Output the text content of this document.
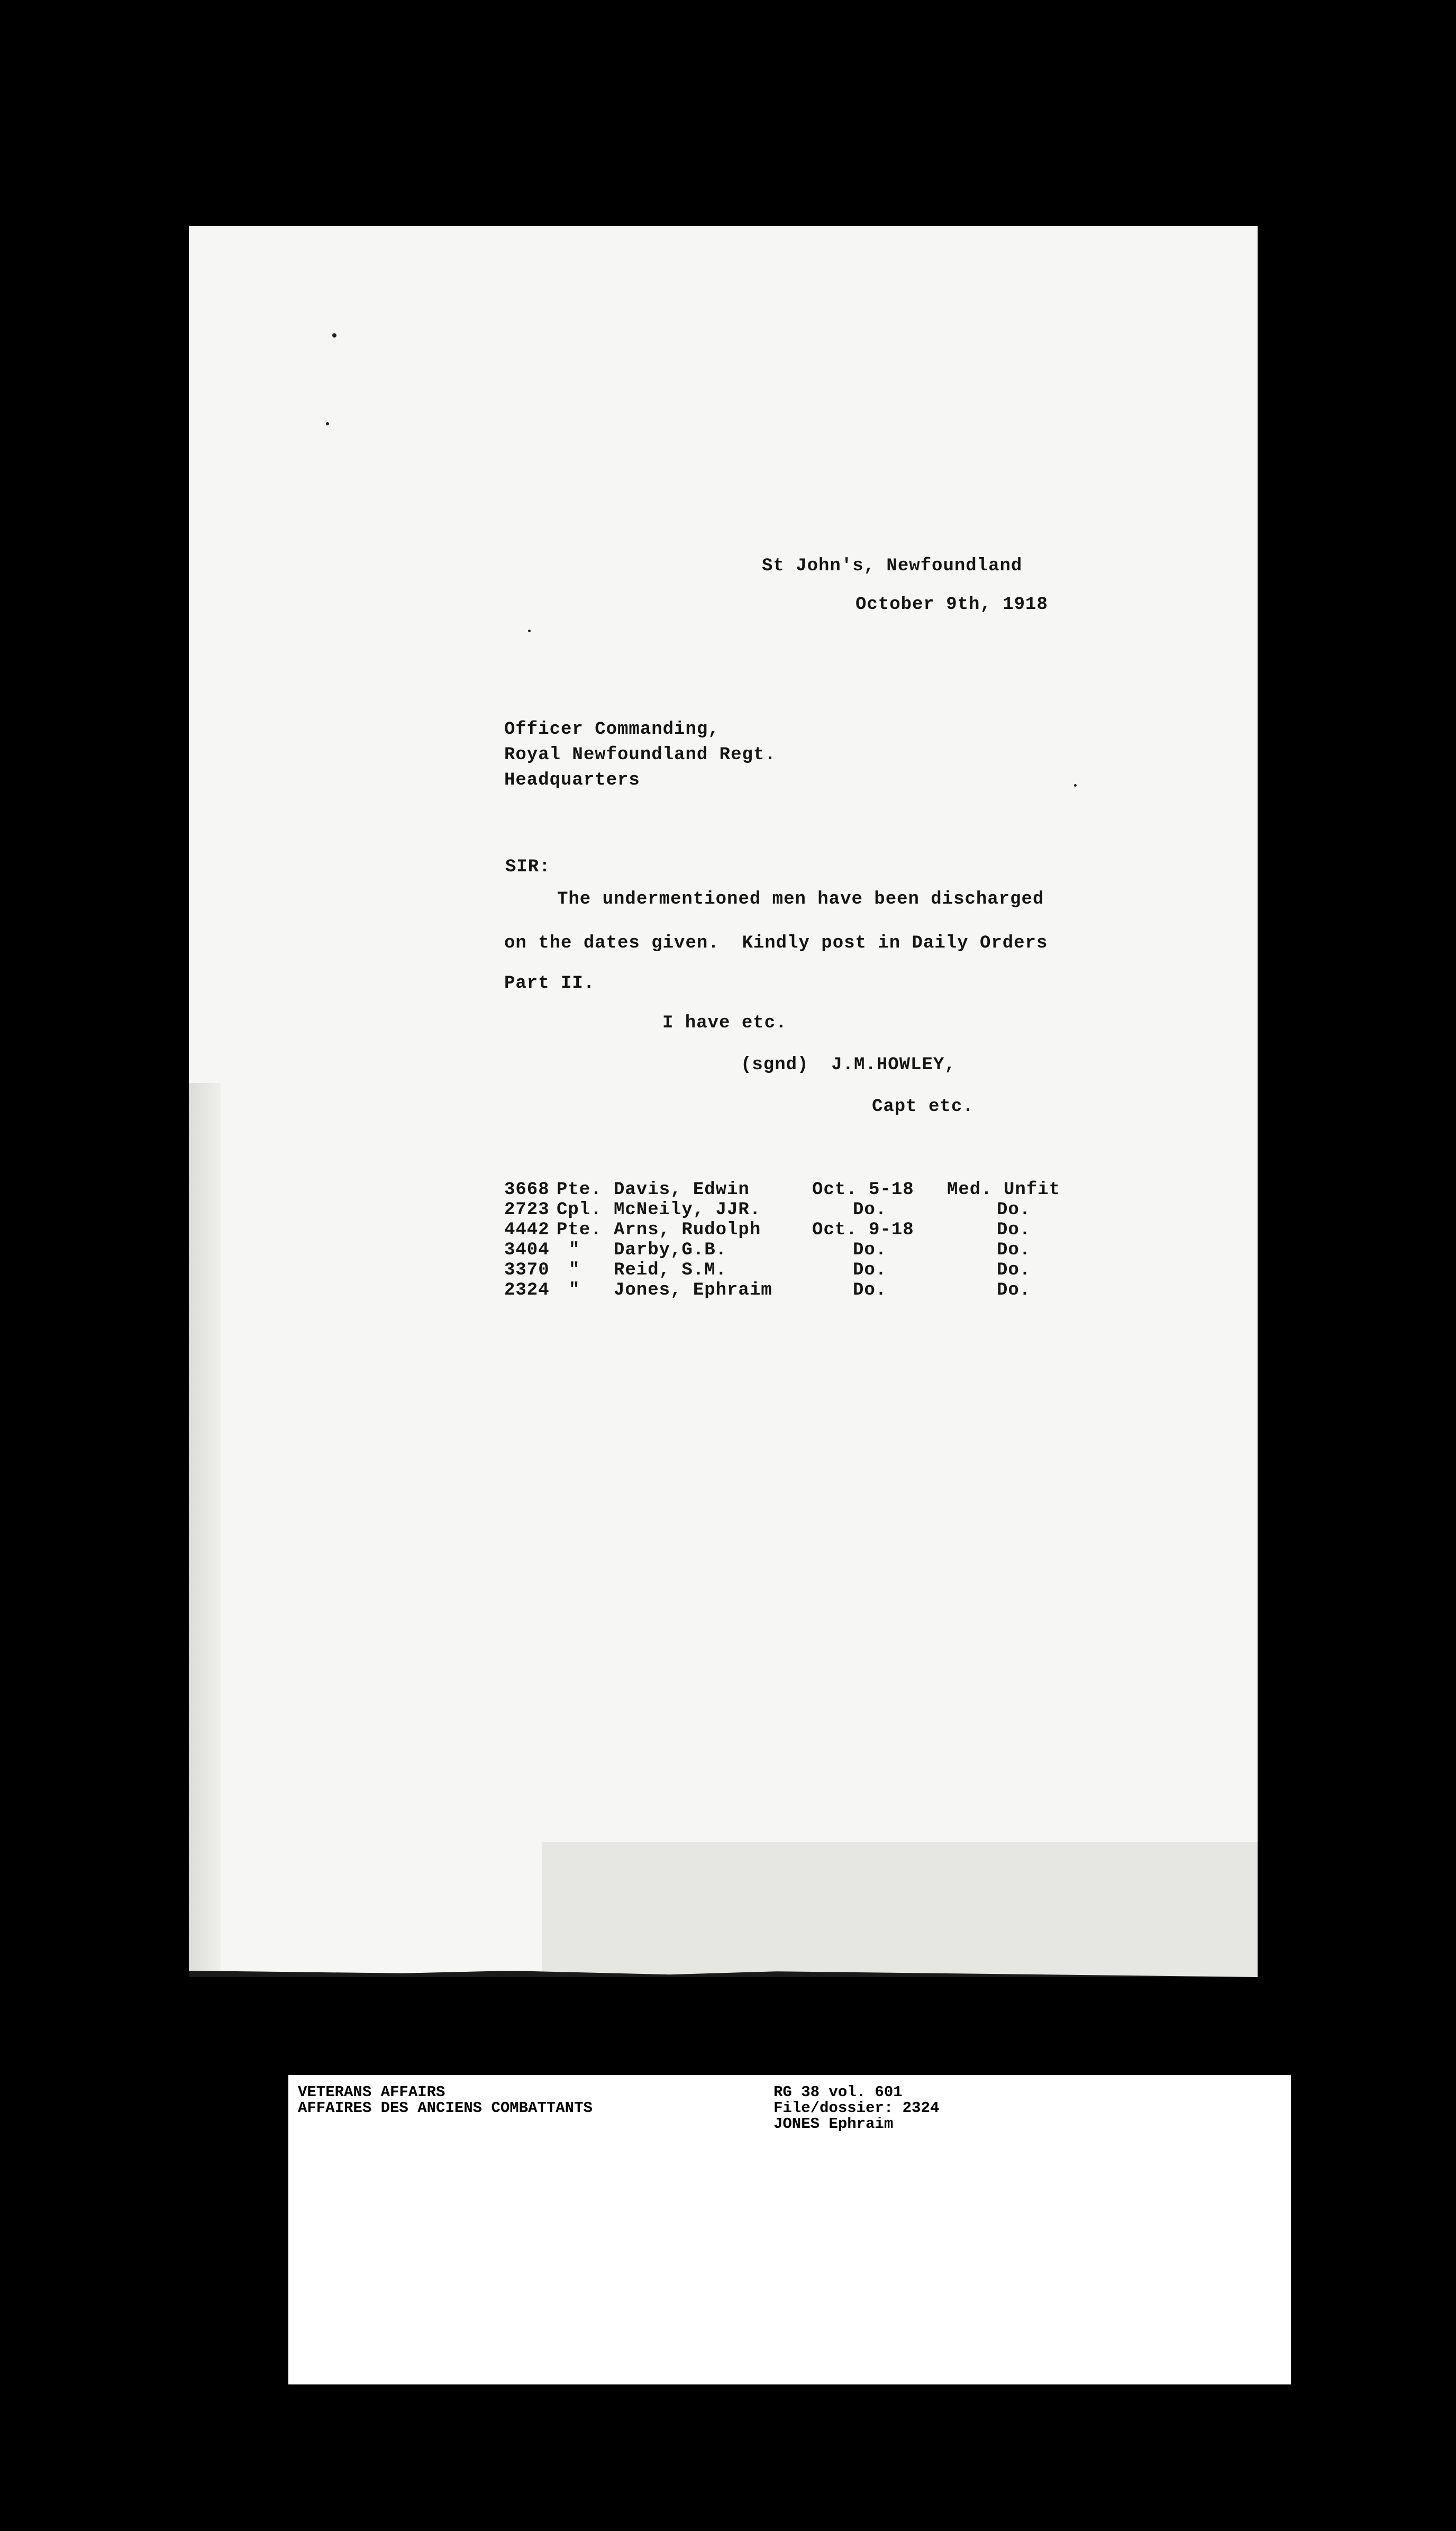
St John's, Newfoundland
October 9th, 1918
Officer Commanding,
Royal Newfoundland Regt.
Headquarters
SIR:
The undermentioned men have been discharged
on the dates given.  Kindly post in Daily Orders
Part II.
I have etc.
(sgnd)  J.M.HOWLEY,
Capt etc.
3668 Pte. Davis, Edwin	Oct. 5-18 Med. Unfit
2723 Cpl. McNeily, JJR.	Do.	Do.
4442 Pte. Arns, Rudolph	Oct. 9-18	Do.
3404 " Darby,G.B.	Do.	Do.
3370 " Reid, S.M.	Do.	Do.
2324 " Jones, Ephraim	Do.	Do.
VETERANS AFFAIRS
AFFAIRES DES ANCIENS COMBATTANTS
RG 38 vol. 601
File/dossier: 2324
JONES Ephraim
